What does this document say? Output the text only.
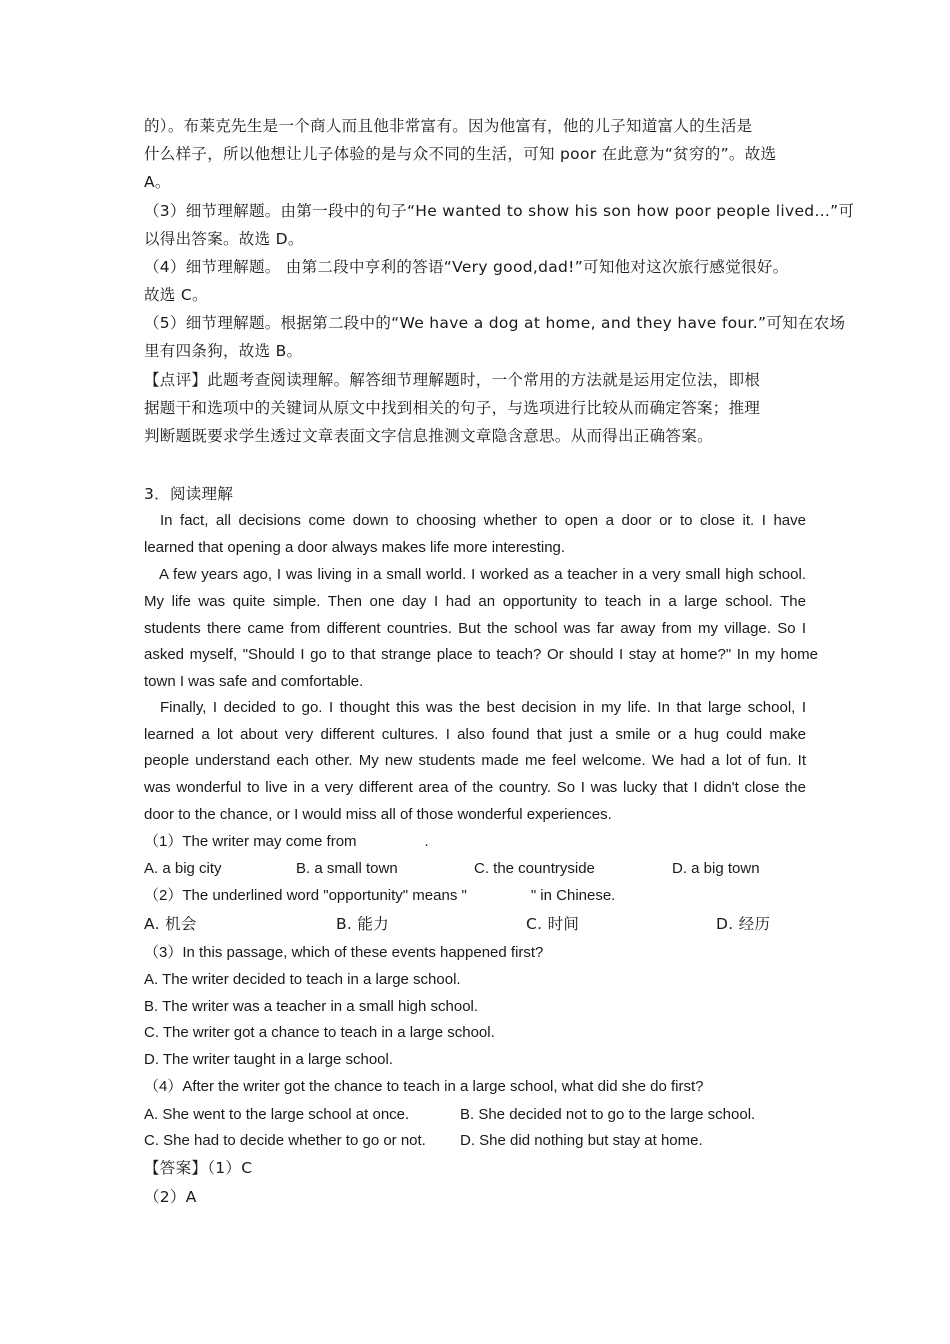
的）。布莱克先生是一个商人而且他非常富有。因为他富有，他的儿子知道富人的生活是
什么样子，所以他想让儿子体验的是与众不同的生活，可知 poor 在此意为“贫穷的”。故选
A。
（3）细节理解题。由第一段中的句子“He wanted to show his son how poor people lived...”可
以得出答案。故选 D。
（4）细节理解题。 由第二段中亨利的答语“Very good,dad!”可知他对这次旅行感觉很好。
故选 C。
（5）细节理解题。根据第二段中的“We have a dog at home, and they have four.”可知在农场
里有四条狗，故选 B。
【点评】此题考查阅读理解。解答细节理解题时，一个常用的方法就是运用定位法，即根
据题干和选项中的关键词从原文中找到相关的句子，与选项进行比较从而确定答案；推理
判断题既要求学生透过文章表面文字信息推测文章隐含意思。从而得出正确答案。
3．阅读理解
In fact, all decisions come down to choosing whether to open a door or to close it. I have
learned that opening a door always makes life more interesting.
A few years ago, I was living in a small world. I worked as a teacher in a very small high school.
My life was quite simple. Then one day I had an opportunity to teach in a large school. The
students there came from different countries. But the school was far away from my village. So I
asked myself, "Should I go to that strange place to teach? Or should I stay at home?" In my home
town I was safe and comfortable.
Finally, I decided to go. I thought this was the best decision in my life. In that large school, I
learned a lot about very different cultures. I also found that just a smile or a hug could make
people understand each other. My new students made me feel welcome. We had a lot of fun. It
was wonderful to live in a very different area of the country. So I was lucky that I didn't close the
door to the chance, or I would miss all of those wonderful experiences.
（1）The writer may come from	.
A. a big city	B. a small town	C. the countryside	D. a big town
（2）The underlined word "opportunity" means "	" in Chinese.
A. 机会	B. 能力	C. 时间	D. 经历
（3）In this passage, which of these events happened first?
A. The writer decided to teach in a large school.
B. The writer was a teacher in a small high school.
C. The writer got a chance to teach in a large school.
D. The writer taught in a large school.
（4）After the writer got the chance to teach in a large school, what did she do first?
A. She went to the large school at once.	B. She decided not to go to the large school.
C. She had to decide whether to go or not. D. She did nothing but stay at home.
【答案】（1）C
（2）A
